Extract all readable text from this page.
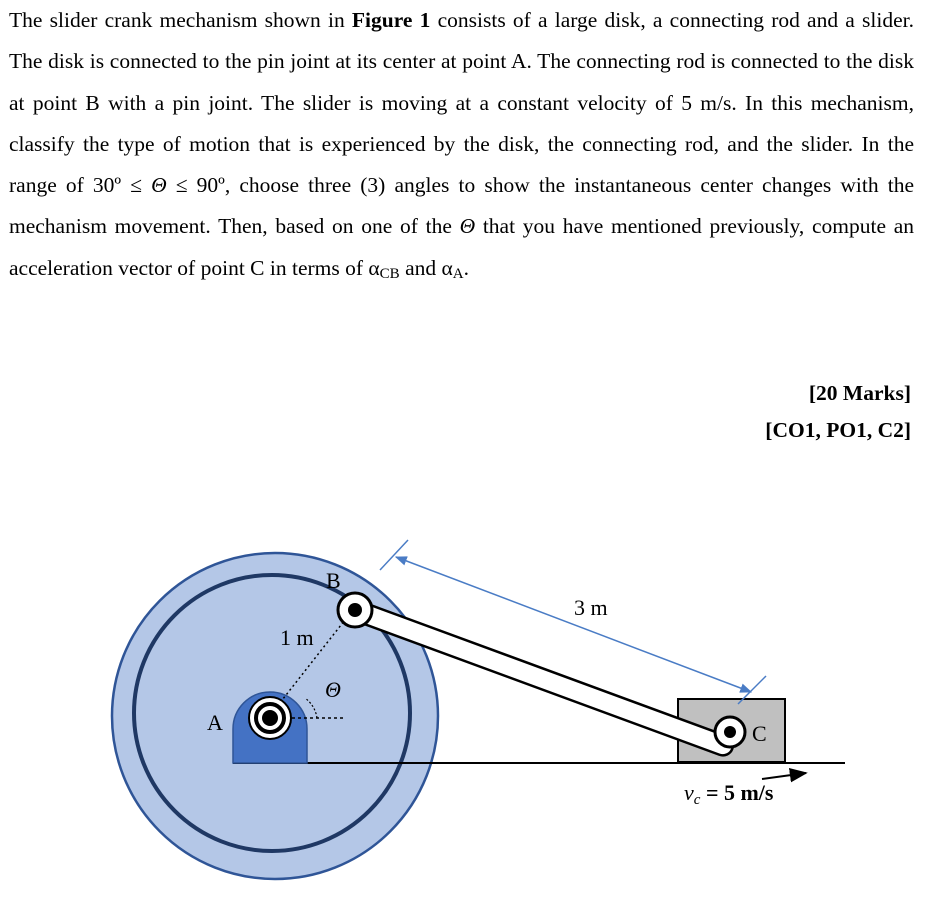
The slider crank mechanism shown in Figure 1 consists of a large disk, a connecting rod and a slider. The disk is connected to the pin joint at its center at point A. The connecting rod is connected to the disk at point B with a pin joint. The slider is moving at a constant velocity of 5 m/s. In this mechanism, classify the type of motion that is experienced by the disk, the connecting rod, and the slider. In the range of 30º ≤ Θ ≤ 90º, choose three (3) angles to show the instantaneous center changes with the mechanism movement. Then, based on one of the Θ that you have mentioned previously, compute an acceleration vector of point C in terms of $\alpha_{CB}$ and $\alpha_A$.

[20 Marks]
[CO1, PO1, C2]
B
A	C
1 m
Θ
3 m
vc = 5 m/s
